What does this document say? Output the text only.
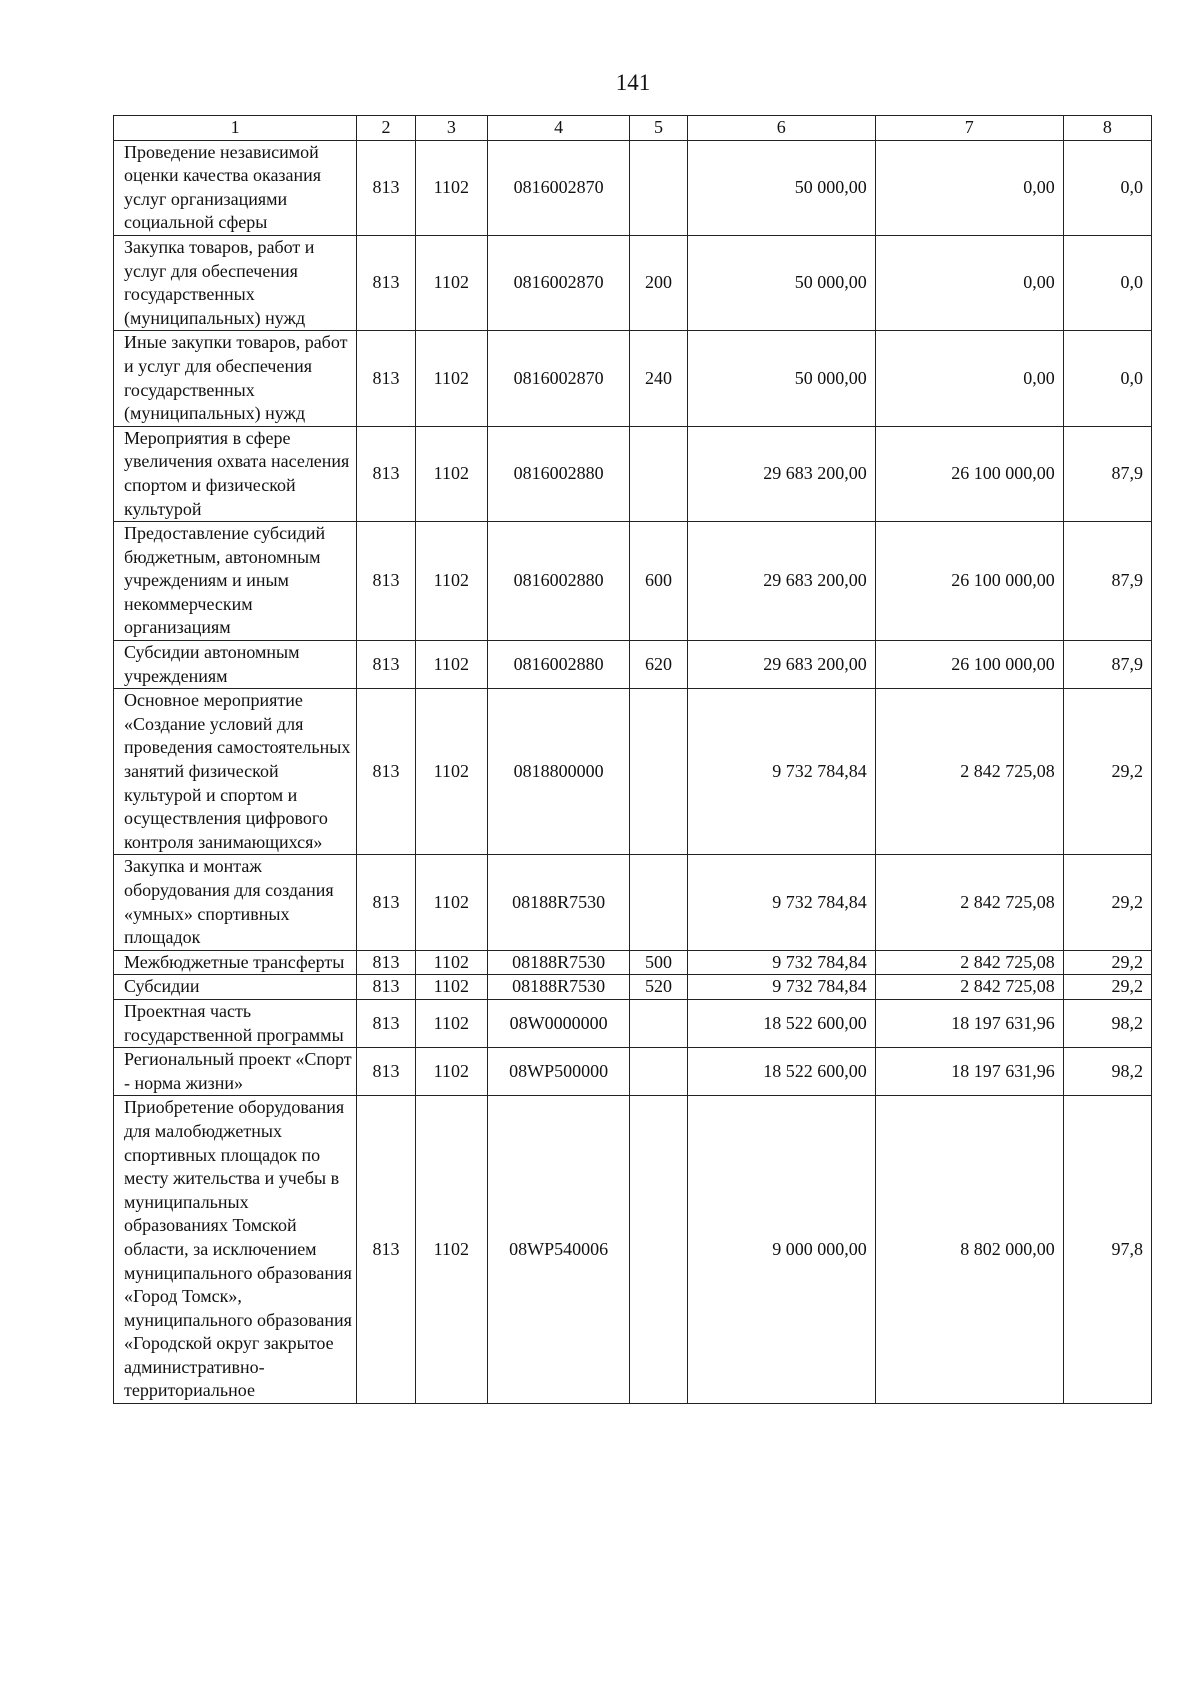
141
1	2	3	4	5	6	7	8
Проведение независимой оценки качества оказания услуг организациями социальной сферы	813	1102	0816002870		50 000,00	0,00	0,0
Закупка товаров, работ и услуг для обеспечения государственных (муниципальных) нужд	813	1102	0816002870	200	50 000,00	0,00	0,0
Иные закупки товаров, работ и услуг для обеспечения государственных (муниципальных) нужд	813	1102	0816002870	240	50 000,00	0,00	0,0
Мероприятия в сфере увеличения охвата населения спортом и физической культурой	813	1102	0816002880		29 683 200,00	26 100 000,00	87,9
Предоставление субсидий бюджетным, автономным учреждениям и иным некоммерческим организациям	813	1102	0816002880	600	29 683 200,00	26 100 000,00	87,9
Субсидии автономным учреждениям	813	1102	0816002880	620	29 683 200,00	26 100 000,00	87,9
Основное мероприятие «Создание условий для проведения самостоятельных занятий физической культурой и спортом и осуществления цифрового контроля занимающихся»	813	1102	0818800000		9 732 784,84	2 842 725,08	29,2
Закупка и монтаж оборудования для создания «умных» спортивных площадок	813	1102	08188R7530		9 732 784,84	2 842 725,08	29,2
Межбюджетные трансферты	813	1102	08188R7530	500	9 732 784,84	2 842 725,08	29,2
Субсидии	813	1102	08188R7530	520	9 732 784,84	2 842 725,08	29,2
Проектная часть государственной программы	813	1102	08W0000000		18 522 600,00	18 197 631,96	98,2
Региональный проект «Спорт - норма жизни»	813	1102	08WP500000		18 522 600,00	18 197 631,96	98,2
Приобретение оборудования для малобюджетных спортивных площадок по месту жительства и учебы в муниципальных образованиях Томской области, за исключением муниципального образования «Город Томск», муниципального образования «Городской округ закрытое административно-территориальное	813	1102	08WP540006		9 000 000,00	8 802 000,00	97,8
